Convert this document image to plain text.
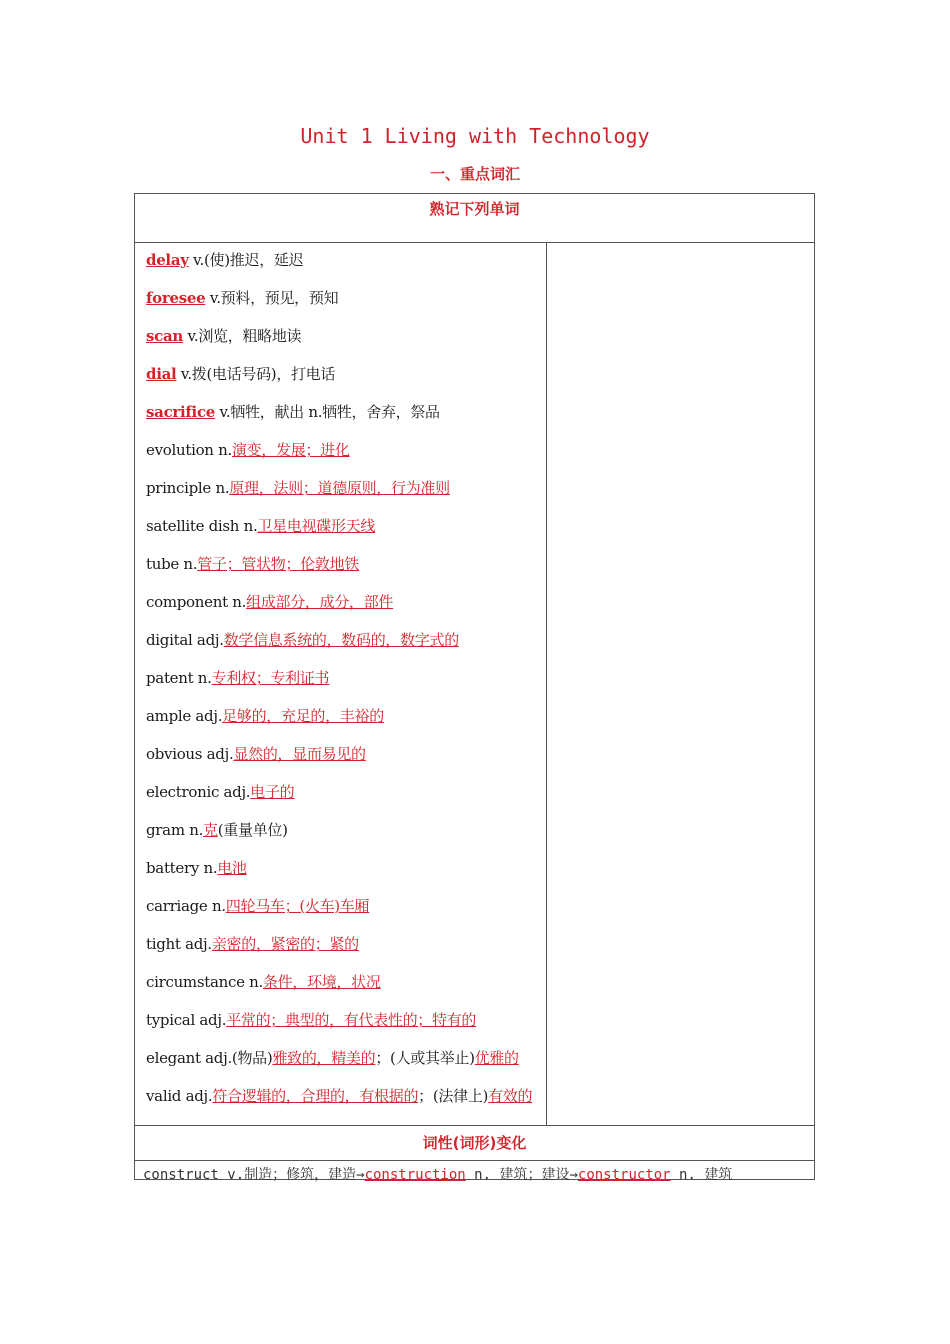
Unit 1 Living with Technology
一、重点词汇
熟记下列单词
delay v.(使)推迟，延迟
foresee v.预料，预见，预知
scan v.浏览，粗略地读
dial v.拨(电话号码)，打电话
sacrifice v.牺牲，献出 n.牺牲，舍弃，祭品
evolution n.演变，发展；进化
principle n.原理，法则；道德原则，行为准则
satellite dish n.卫星电视碟形天线
tube n.管子；管状物；伦敦地铁
component n.组成部分，成分，部件
digital adj.数学信息系统的，数码的，数字式的
patent n.专利权；专利证书
ample adj.足够的，充足的，丰裕的
obvious adj.显然的，显而易见的
electronic adj.电子的
gram n.克(重量单位)
battery n.电池
carriage n.四轮马车；(火车)车厢
tight adj.亲密的，紧密的；紧的
circumstance n.条件，环境，状况
typical adj.平常的；典型的，有代表性的；特有的
elegant adj.(物品)雅致的，精美的；(人或其举止)优雅的
valid adj.符合逻辑的，合理的，有根据的；(法律上)有效的
词性(词形)变化
construct v.制造；修筑，建造→construction n. 建筑；建设→constructor n. 建筑
